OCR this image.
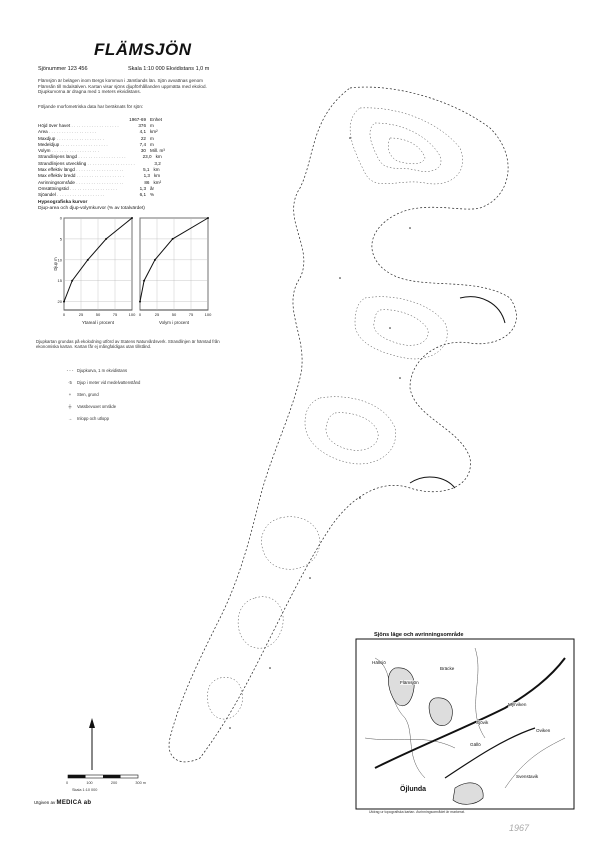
FLÄMSJÖN
Sjönummer 123 456	Skala 1:10 000 Ekvidistans 1,0 m
Flämsjön är belägen inom Bergs kommun i Jämtlands län. Sjön avvattnas genom Flämsån till Indalsälven. Kartan visar sjöns djupförhållanden uppmätta med ekolod. Djupkurvorna är dragna med 1 meters ekvidistans.
Följande morfometriska data har beräknats för sjön:
1967-69 Enhet
Höjd över havet . . .	376 m
Area . . .	4,1 km²
Maxdjup . . .	22 m
Medeldjup . . .	7,4 m
Volym . . .	30 Mill. m³
Strandlinjens längd . . .	23,0 km
Strandlinjens utveckling . . .	3,2
Max effektiv längd . . .	5,1 km
Max effektiv bredd . . .	1,3 km
Avrinningsområde . . .	86 km²
Omsättningstid . . .	1,3 år
Sjöandel . . .	6,1 %
Hypsografiska kurvor
Djup-area och djup-volymkurvor (% av totalvärdet)
0	25	50	75	100
20
15
10
5
0
Ytareal i procent
Djup m
0	25	50	75	100
Volym i procent
Djupkartan grundas på ekolodning utförd av Statens Naturvårdsverk. Strandlinjen är hämtad från ekonomiska kartan. Kartan får ej mångfaldigas utan tillstånd.
- - - Djupkurva, 1 m ekvidistans
·5 Djup i meter vid medelvattenstånd
+ Sten, grund
╪ Vassbevuxet område
→ Inlopp och utlopp
0	100	200	300 m
Skala 1:10 000
Utgiven av MEDICA ab
Sjöns läge och avrinningsområde
Hällsjö
Flämsjön
Bräcke
Myrviken
Sjövik
Oviken
Gällö
Öjlunda
Svenstavik
Utdrag ur topografiska kartan. Avrinningsområdet är markerat.
1967
